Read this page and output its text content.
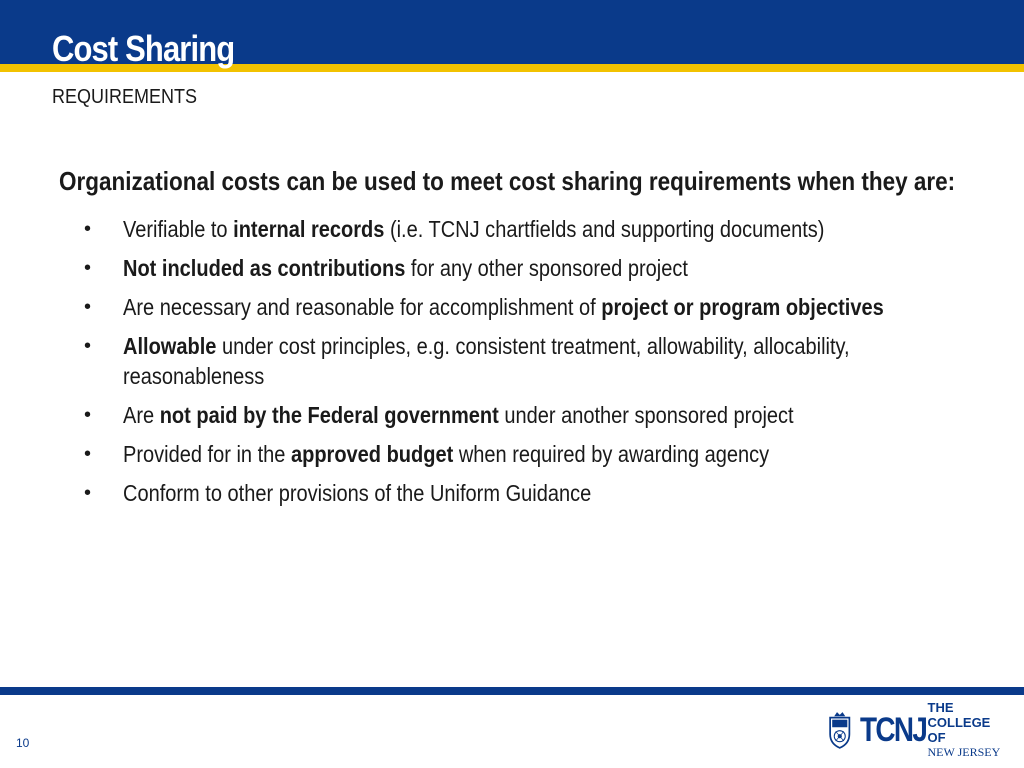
Cost Sharing
REQUIREMENTS
Organizational costs can be used to meet cost sharing requirements when they are:
• Verifiable to internal records (i.e. TCNJ chartfields and supporting documents)
• Not included as contributions for any other sponsored project
• Are necessary and reasonable for accomplishment of project or program objectives
• Allowable under cost principles, e.g. consistent treatment, allowability, allocability, reasonableness
• Are not paid by the Federal government under another sponsored project
• Provided for in the approved budget when required by awarding agency
• Conform to other provisions of the Uniform Guidance
10	TCNJ
THE COLLEGE OF
NEW JERSEY
